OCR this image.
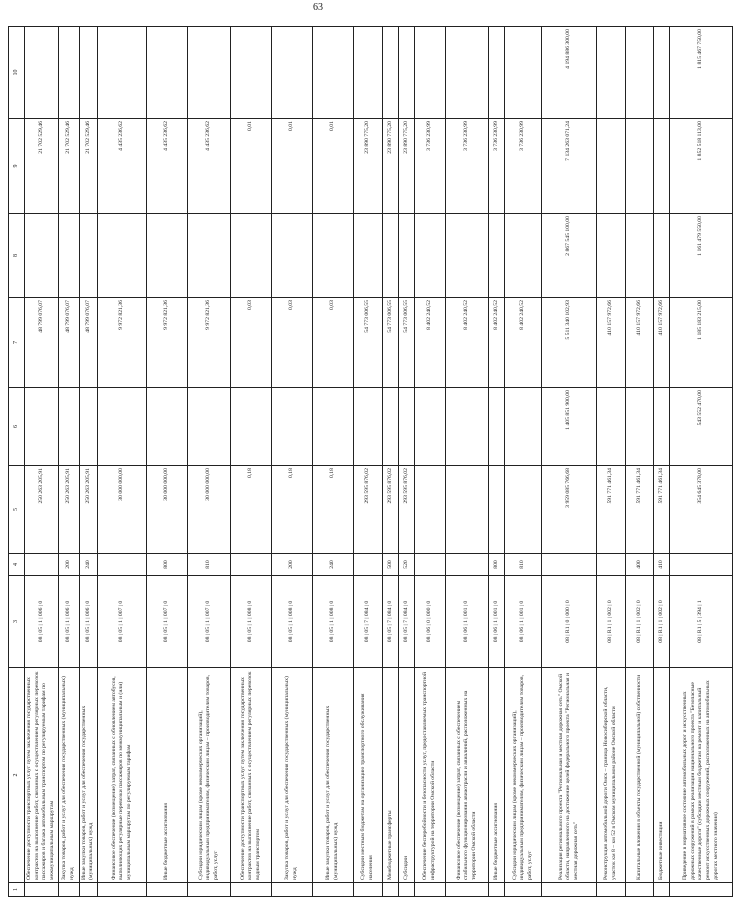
63
1	2	3	4	5	6	7	8	9	10
	Обеспечение доступности транспортных услуг путем заключения государственных контрактов на выполнение работ, связанных с осуществлением регулярных перевозок пассажиров и багажа автомобильным транспортом по регулируемым тарифам по межмуниципальным маршрутам	08 | 05 | 1 | 006 | 0		250 263 205,91		48 799 076,07		21 702 529,46	
	Закупка товаров, работ и услуг для обеспечения государственных (муниципальных) нужд	08 | 05 | 1 | 006 | 0	200	250 263 205,91		48 799 076,07		21 702 529,46	
	Иные закупки товаров, работ и услуг для обеспечения государственных (муниципальных) нужд	08 | 05 | 1 | 006 | 0	240	250 263 205,91		48 799 076,07		21 702 529,46	
	Финансовое обеспечение (возмещение) затрат, связанных с обновлением автобусов, выполняющих регулярные перевозки пассажиров по межмуниципальным и (или) муниципальным маршрутам по регулируемым тарифам	08 | 05 | 1 | 007 | 0		30 000 000,00		9 972 821,36		4 435 236,62	
	Иные бюджетные ассигнования	08 | 05 | 1 | 007 | 0	800	30 000 000,00		9 972 821,36		4 435 236,62	
	Субсидии юридическим лицам (кроме некоммерческих организаций), индивидуальным предпринимателям, физическим лицам – производителям товаров, работ, услуг	08 | 05 | 1 | 007 | 0	810	30 000 000,00		9 972 821,36		4 435 236,62	
	Обеспечение доступности транспортных услуг путем заключения государственных контрактов на выполнение работ, связанных с осуществлением регулярных перевозок водным транспортом	08 | 05 | 1 | 008 | 0		0,18		0,03		0,01	
	Закупка товаров, работ и услуг для обеспечения государственных (муниципальных) нужд	08 | 05 | 1 | 008 | 0	200	0,18		0,03		0,01	
	Иные закупки товаров, работ и услуг для обеспечения государственных (муниципальных) нужд	08 | 05 | 1 | 008 | 0	240	0,18		0,03		0,01	
	Субсидии местным бюджетам на организацию транспортного обслуживания населения	08 | 05 | 7 | 084 | 0		293 595 876,02		54 773 006,55		23 890 775,20	
	Межбюджетные трансферты	08 | 05 | 7 | 084 | 0	500	293 595 876,02		54 773 006,55		23 890 775,20	
	Субсидии	08 | 05 | 7 | 084 | 0	520	293 595 876,02		54 773 006,55		23 890 775,20	
	Обеспечение бесперебойности и безопасности услуг, предоставляемых транспортной инфраструктурой на территории Омской области	08 | 06 | 0 | 000 | 0				8 402 240,52		3 736 230,99	
	Финансовое обеспечение (возмещение) затрат, связанных с обеспечением стабильного функционирования авиаотрасли и авиалиний, расположенных на территории Омской области	08 | 06 | 1 | 001 | 0				8 402 240,52		3 736 230,99	
	Иные бюджетные ассигнования	08 | 06 | 1 | 001 | 0	800			8 402 240,52		3 736 230,99	
	Субсидии юридическим лицам (кроме некоммерческих организаций), индивидуальным предпринимателям, физическим лицам – производителям товаров, работ, услуг	08 | 06 | 1 | 001 | 0	810			8 402 240,52		3 736 230,99	
	Реализация регионального проекта "Региональная и местная дорожная сеть" Омской области, направленного на достижение целей федерального проекта "Региональная и местная дорожная сеть"	08 | R1 | 0 | 000 | 0		3 959 085 766,68	1 405 851 900,00	5 511 340 102,93	2 867 545 100,00	7 134 263 071,24	4 194 886 300,00
	Реконструкция автомобильной дороги Омск – граница Новосибирской области, участок км 8 – км 52 в Омском муниципальном районе Омской области	08 | R1 | 1 | 002 | 0		591 771 461,34		410 157 972,66			
	Капитальные вложения в объекты государственной (муниципальной) собственности	08 | R1 | 1 | 002 | 0	400	591 771 461,34		410 157 972,66			
	Бюджетные инвестиции	08 | R1 | 1 | 002 | 0	410	591 771 461,34		410 157 972,66			
	Приведение в нормативное состояние автомобильных дорог и искусственных дорожных сооружений в рамках реализации национального проекта "Безопасные качественные дороги" (субсидии местным бюджетам на ремонт и капитальный ремонт искусственных дорожных сооружений, расположенных на автомобильных дорогах местного значения)	08 | R1 | 5 | 394 | 1		354 645 378,00	543 552 470,00	1 185 183 215,00	1 161 479 550,00	1 852 518 113,00	1 815 467 750,00
